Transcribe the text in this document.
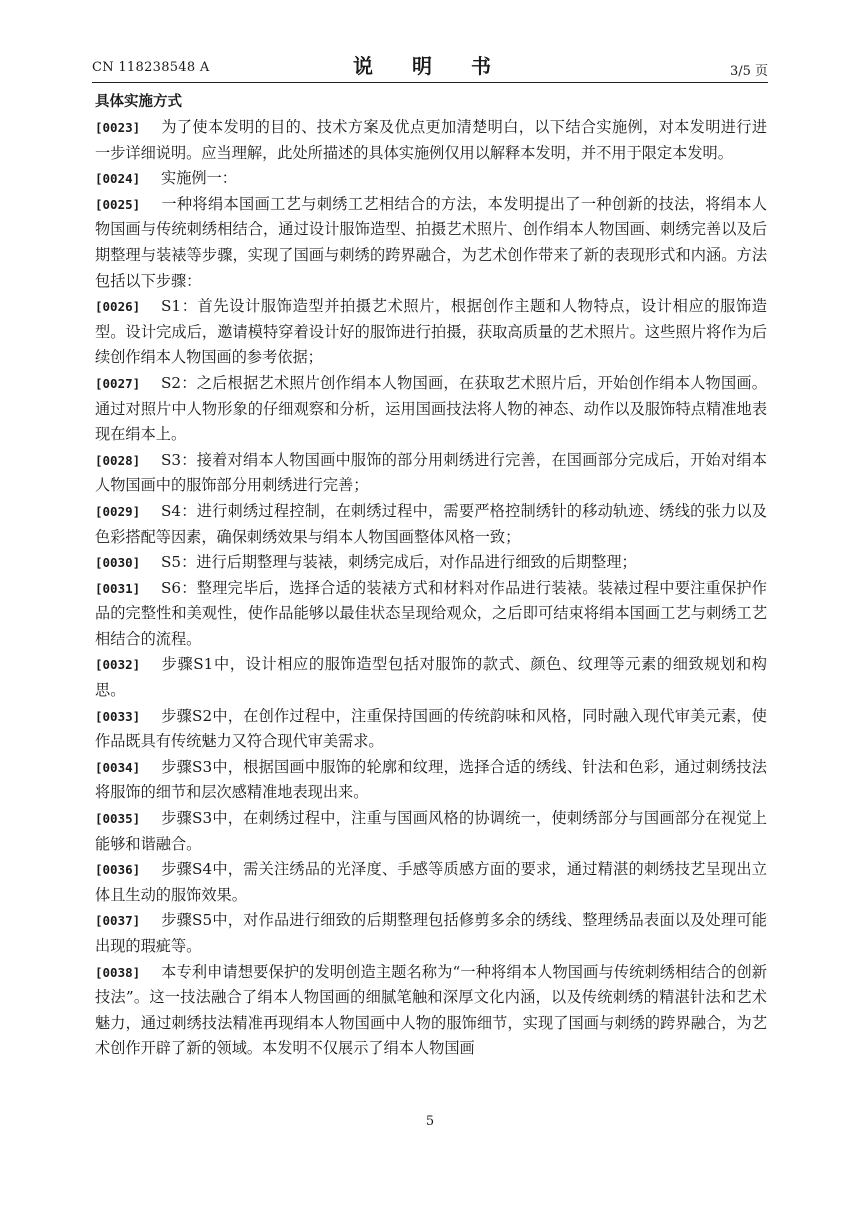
CN 118238548 A	说 明 书	3/5 页
具体实施方式
[0023] 为了使本发明的目的、技术方案及优点更加清楚明白，以下结合实施例，对本发明进行进一步详细说明。应当理解，此处所描述的具体实施例仅用以解释本发明，并不用于限定本发明。
[0024] 实施例一：
[0025] 一种将绢本国画工艺与刺绣工艺相结合的方法，本发明提出了一种创新的技法，将绢本人物国画与传统刺绣相结合，通过设计服饰造型、拍摄艺术照片、创作绢本人物国画、刺绣完善以及后期整理与装裱等步骤，实现了国画与刺绣的跨界融合，为艺术创作带来了新的表现形式和内涵。方法包括以下步骤：
[0026] S1：首先设计服饰造型并拍摄艺术照片，根据创作主题和人物特点，设计相应的服饰造型。设计完成后，邀请模特穿着设计好的服饰进行拍摄，获取高质量的艺术照片。这些照片将作为后续创作绢本人物国画的参考依据；
[0027] S2：之后根据艺术照片创作绢本人物国画，在获取艺术照片后，开始创作绢本人物国画。通过对照片中人物形象的仔细观察和分析，运用国画技法将人物的神态、动作以及服饰特点精准地表现在绢本上。
[0028] S3：接着对绢本人物国画中服饰的部分用刺绣进行完善，在国画部分完成后，开始对绢本人物国画中的服饰部分用刺绣进行完善；
[0029] S4：进行刺绣过程控制，在刺绣过程中，需要严格控制绣针的移动轨迹、绣线的张力以及色彩搭配等因素，确保刺绣效果与绢本人物国画整体风格一致；
[0030] S5：进行后期整理与装裱，刺绣完成后，对作品进行细致的后期整理；
[0031] S6：整理完毕后，选择合适的装裱方式和材料对作品进行装裱。装裱过程中要注重保护作品的完整性和美观性，使作品能够以最佳状态呈现给观众，之后即可结束将绢本国画工艺与刺绣工艺相结合的流程。
[0032] 步骤S1中，设计相应的服饰造型包括对服饰的款式、颜色、纹理等元素的细致规划和构思。
[0033] 步骤S2中，在创作过程中，注重保持国画的传统韵味和风格，同时融入现代审美元素，使作品既具有传统魅力又符合现代审美需求。
[0034] 步骤S3中，根据国画中服饰的轮廓和纹理，选择合适的绣线、针法和色彩，通过刺绣技法将服饰的细节和层次感精准地表现出来。
[0035] 步骤S3中，在刺绣过程中，注重与国画风格的协调统一，使刺绣部分与国画部分在视觉上能够和谐融合。
[0036] 步骤S4中，需关注绣品的光泽度、手感等质感方面的要求，通过精湛的刺绣技艺呈现出立体且生动的服饰效果。
[0037] 步骤S5中，对作品进行细致的后期整理包括修剪多余的绣线、整理绣品表面以及处理可能出现的瑕疵等。
[0038] 本专利申请想要保护的发明创造主题名称为“一种将绢本人物国画与传统刺绣相结合的创新技法”。这一技法融合了绢本人物国画的细腻笔触和深厚文化内涵，以及传统刺绣的精湛针法和艺术魅力，通过刺绣技法精准再现绢本人物国画中人物的服饰细节，实现了国画与刺绣的跨界融合，为艺术创作开辟了新的领域。本发明不仅展示了绢本人物国画
5
